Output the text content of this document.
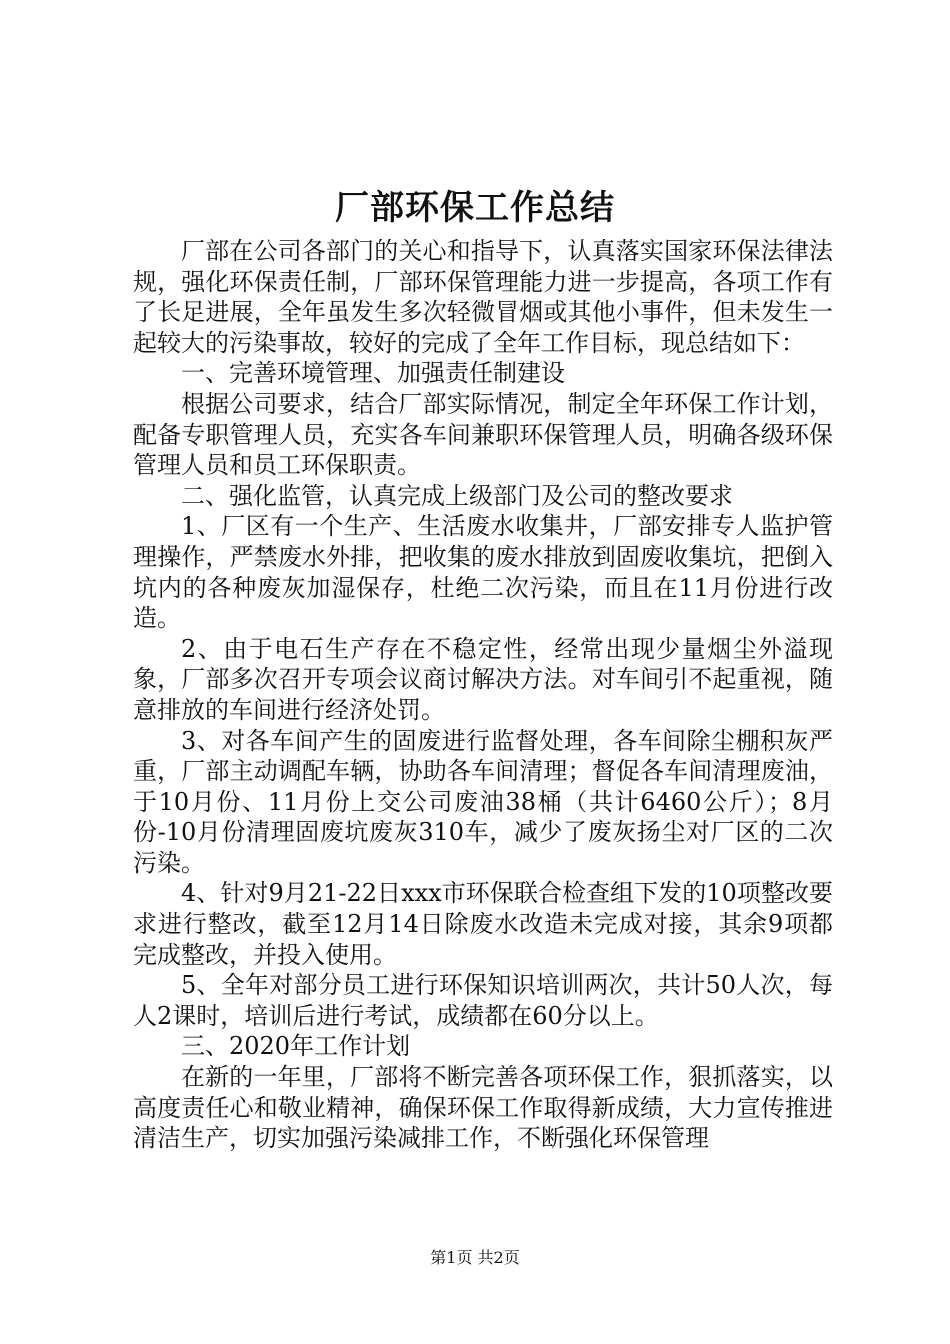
厂部环保工作总结

厂部在公司各部门的关心和指导下，认真落实国家环保法律法规，强化环保责任制，厂部环保管理能力进一步提高，各项工作有了长足进展，全年虽发生多次轻微冒烟或其他小事件，但未发生一起较大的污染事故，较好的完成了全年工作目标，现总结如下：

一、完善环境管理、加强责任制建设

根据公司要求，结合厂部实际情况，制定全年环保工作计划，配备专职管理人员，充实各车间兼职环保管理人员，明确各级环保管理人员和员工环保职责。

二、强化监管，认真完成上级部门及公司的整改要求

1、厂区有一个生产、生活废水收集井，厂部安排专人监护管理操作，严禁废水外排，把收集的废水排放到固废收集坑，把倒入坑内的各种废灰加湿保存，杜绝二次污染，而且在11月份进行改造。

2、由于电石生产存在不稳定性，经常出现少量烟尘外溢现象，厂部多次召开专项会议商讨解决方法。对车间引不起重视，随意排放的车间进行经济处罚。

3、对各车间产生的固废进行监督处理，各车间除尘棚积灰严重，厂部主动调配车辆，协助各车间清理；督促各车间清理废油，于10月份、11月份上交公司废油38桶（共计6460公斤）；8月份-10月份清理固废坑废灰310车，减少了废灰扬尘对厂区的二次污染。

4、针对9月21-22日xxx市环保联合检查组下发的10项整改要求进行整改，截至12月14日除废水改造未完成对接，其余9项都完成整改，并投入使用。

5、全年对部分员工进行环保知识培训两次，共计50人次，每人2课时，培训后进行考试，成绩都在60分以上。

三、2020年工作计划

在新的一年里，厂部将不断完善各项环保工作，狠抓落实，以高度责任心和敬业精神，确保环保工作取得新成绩，大力宣传推进清洁生产，切实加强污染减排工作，不断强化环保管理

第1页 共2页
